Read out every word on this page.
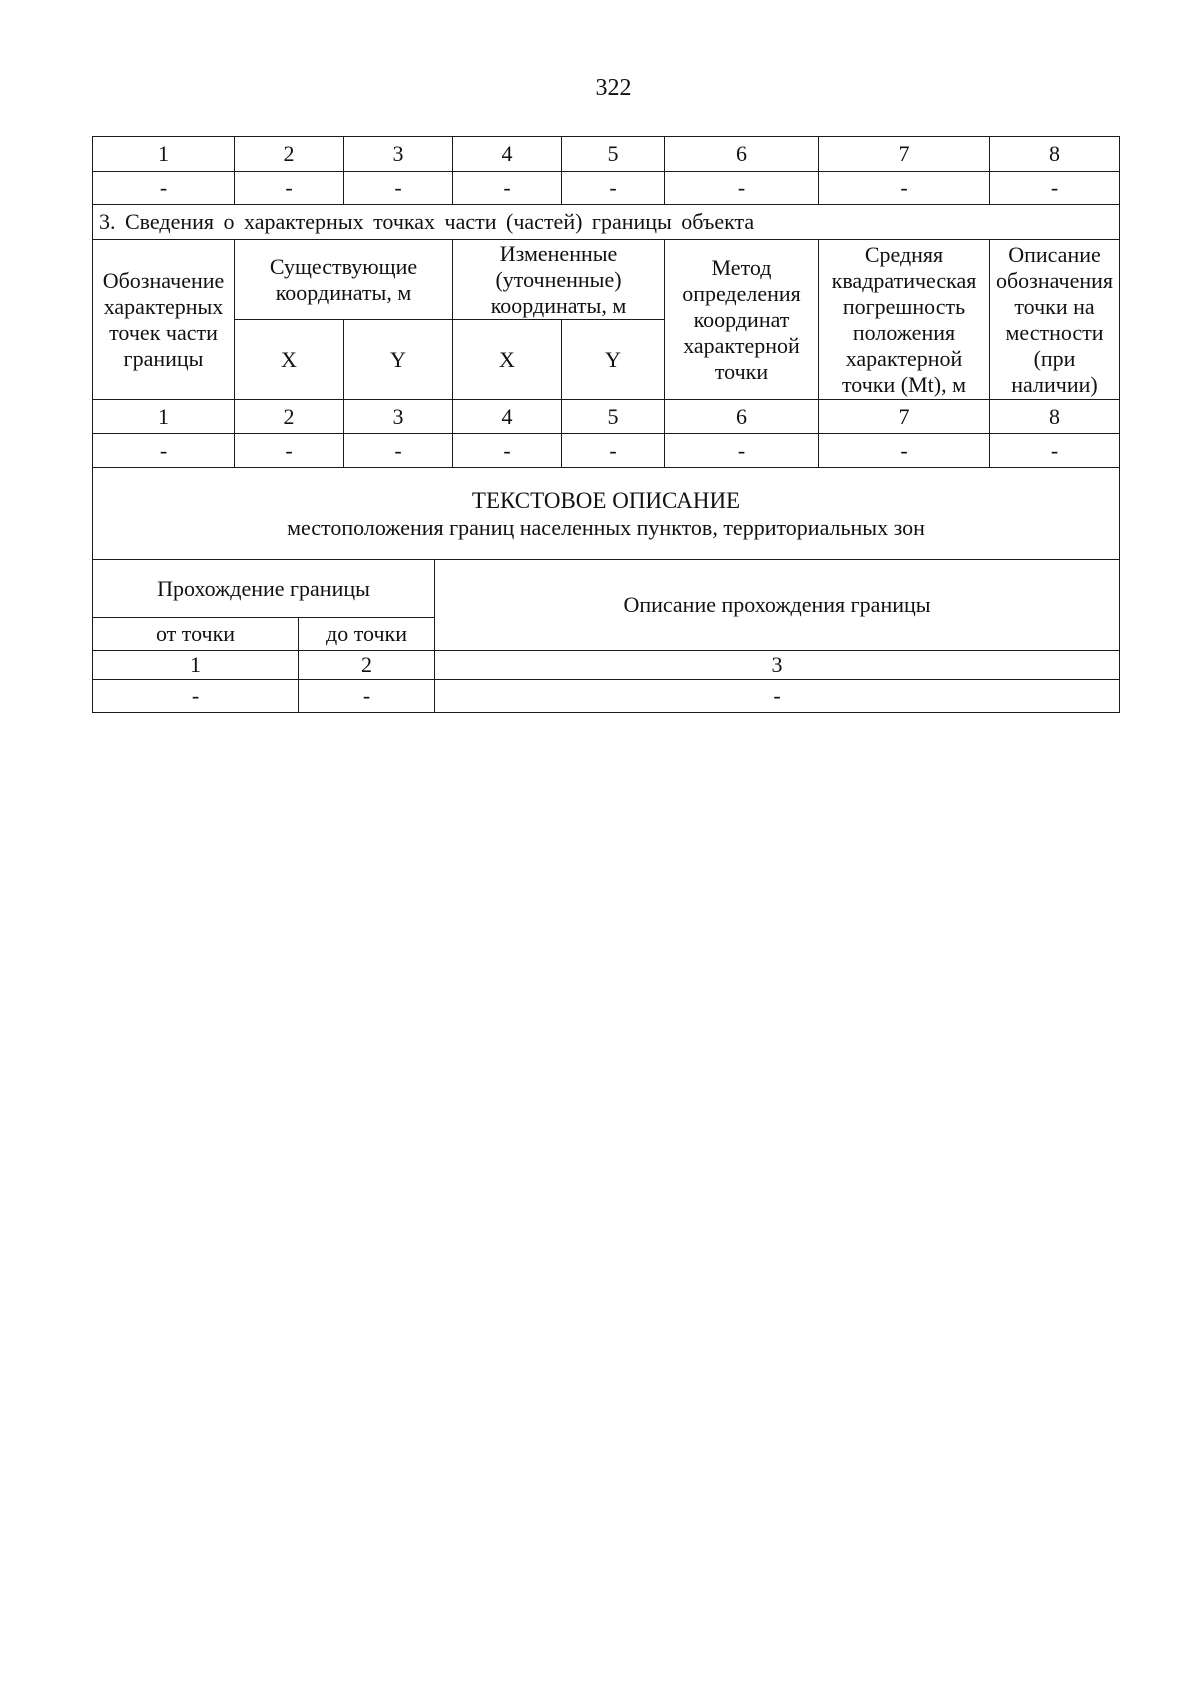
322
1	2	3	4	5	6	7	8
-	-	-	-	-	-	-	-
3. Сведения о характерных точках части (частей) границы объекта							
Обозначение характерных точек части границы	Существующие координаты, м		Измененные (уточненные) координаты, м		Метод определения координат характерной точки	Средняя квадратическая погрешность положения характерной точки (Mt), м	Описание обозначения точки на местности (при наличии)
	X	Y	X	Y			
1	2	3	4	5	6	7	8
-	-	-	-	-	-	-	-

ТЕКСТОВОЕ ОПИСАНИЕ
местоположения границ населенных пунктов, территориальных зон							
Прохождение границы		Описание прохождения границы
от точки	до точки	
1	2	3
-	-	-
